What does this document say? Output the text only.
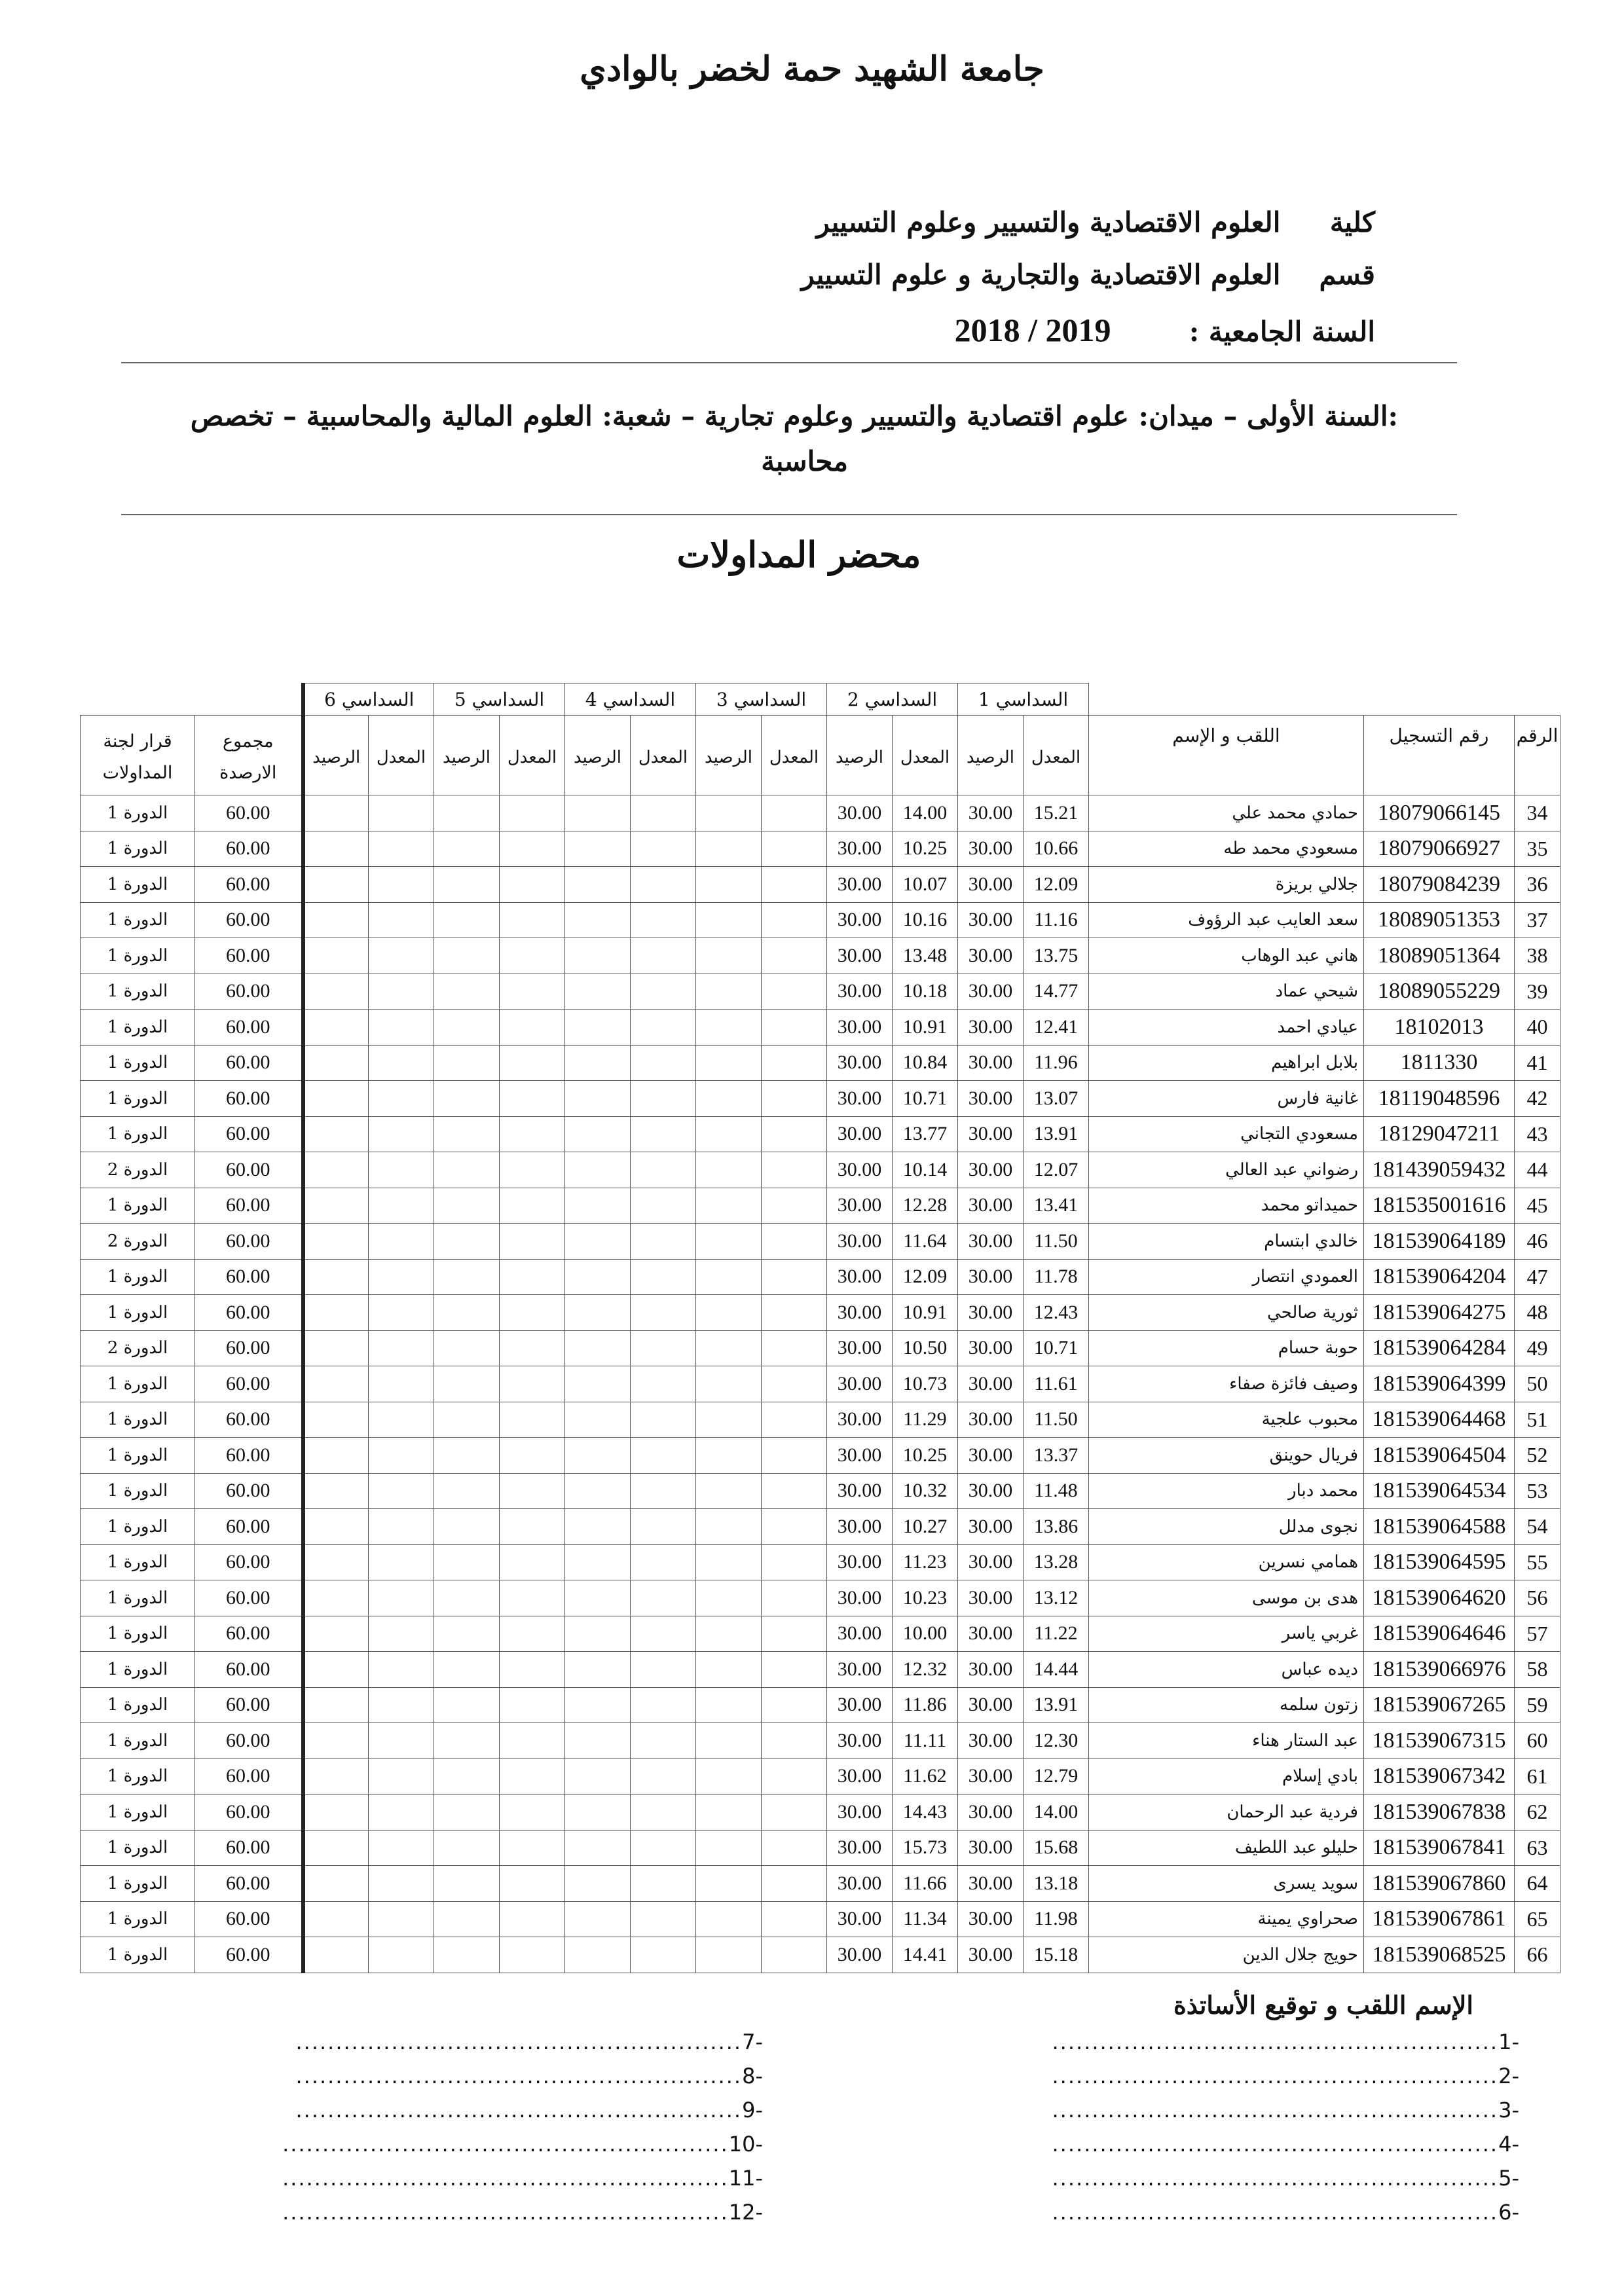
جامعة الشهيد حمة لخضر بالوادي
كلية العلوم الاقتصادية والتسيير وعلوم التسيير
قسم العلوم الاقتصادية والتجارية و علوم التسيير
السنة الجامعية :  2018 / 2019
:السنة الأولى – ميدان: علوم اقتصادية والتسيير وعلوم تجارية – شعبة: العلوم المالية والمحاسبية – تخصص
محاسبة
محضر المداولات
			السداسي 1		السداسي 2		السداسي 3		السداسي 4		السداسي 5		السداسي 6			
الرقم	رقم التسجيل	اللقب و الإسم	المعدل	الرصيد	المعدل	الرصيد	المعدل	الرصيد	المعدل	الرصيد	المعدل	الرصيد	المعدل	الرصيد	مجموع الارصدة	قرار لجنة المداولات
34	18079066145	حمادي محمد علي	15.21	30.00	14.00	30.00									60.00	الدورة 1
35	18079066927	مسعودي محمد طه	10.66	30.00	10.25	30.00									60.00	الدورة 1
36	18079084239	جلالي بريزة	12.09	30.00	10.07	30.00									60.00	الدورة 1
37	18089051353	سعد العايب عبد الرؤوف	11.16	30.00	10.16	30.00									60.00	الدورة 1
38	18089051364	هاني عبد الوهاب	13.75	30.00	13.48	30.00									60.00	الدورة 1
39	18089055229	شيحي عماد	14.77	30.00	10.18	30.00									60.00	الدورة 1
40	18102013	عيادي احمد	12.41	30.00	10.91	30.00									60.00	الدورة 1
41	1811330	بلابل ابراهيم	11.96	30.00	10.84	30.00									60.00	الدورة 1
42	18119048596	غانية فارس	13.07	30.00	10.71	30.00									60.00	الدورة 1
43	18129047211	مسعودي التجاني	13.91	30.00	13.77	30.00									60.00	الدورة 1
44	181439059432	رضواني عبد العالي	12.07	30.00	10.14	30.00									60.00	الدورة 2
45	181535001616	حميداتو محمد	13.41	30.00	12.28	30.00									60.00	الدورة 1
46	181539064189	خالدي ابتسام	11.50	30.00	11.64	30.00									60.00	الدورة 2
47	181539064204	العمودي انتصار	11.78	30.00	12.09	30.00									60.00	الدورة 1
48	181539064275	ثورية صالحي	12.43	30.00	10.91	30.00									60.00	الدورة 1
49	181539064284	حوبة حسام	10.71	30.00	10.50	30.00									60.00	الدورة 2
50	181539064399	وصيف فائزة صفاء	11.61	30.00	10.73	30.00									60.00	الدورة 1
51	181539064468	محبوب علجية	11.50	30.00	11.29	30.00									60.00	الدورة 1
52	181539064504	فريال حوينق	13.37	30.00	10.25	30.00									60.00	الدورة 1
53	181539064534	محمد دبار	11.48	30.00	10.32	30.00									60.00	الدورة 1
54	181539064588	نجوى مدلل	13.86	30.00	10.27	30.00									60.00	الدورة 1
55	181539064595	همامي نسرين	13.28	30.00	11.23	30.00									60.00	الدورة 1
56	181539064620	هدى بن موسى	13.12	30.00	10.23	30.00									60.00	الدورة 1
57	181539064646	غربي ياسر	11.22	30.00	10.00	30.00									60.00	الدورة 1
58	181539066976	ديده عباس	14.44	30.00	12.32	30.00									60.00	الدورة 1
59	181539067265	زتون سلمه	13.91	30.00	11.86	30.00									60.00	الدورة 1
60	181539067315	عبد الستار هناء	12.30	30.00	11.11	30.00									60.00	الدورة 1
61	181539067342	بادي إسلام	12.79	30.00	11.62	30.00									60.00	الدورة 1
62	181539067838	فردية عبد الرحمان	14.00	30.00	14.43	30.00									60.00	الدورة 1
63	181539067841	حليلو عبد اللطيف	15.68	30.00	15.73	30.00									60.00	الدورة 1
64	181539067860	سويد يسرى	13.18	30.00	11.66	30.00									60.00	الدورة 1
65	181539067861	صحراوي يمينة	11.98	30.00	11.34	30.00									60.00	الدورة 1
66	181539068525	حويج جلال الدين	15.18	30.00	14.41	30.00									60.00	الدورة 1
الإسم اللقب و توقيع الأساتذة
-1........................................................
-2........................................................
-3........................................................
-4........................................................
-5........................................................
-6........................................................
-7........................................................
-8........................................................
-9........................................................
-10........................................................
-11........................................................
-12........................................................
